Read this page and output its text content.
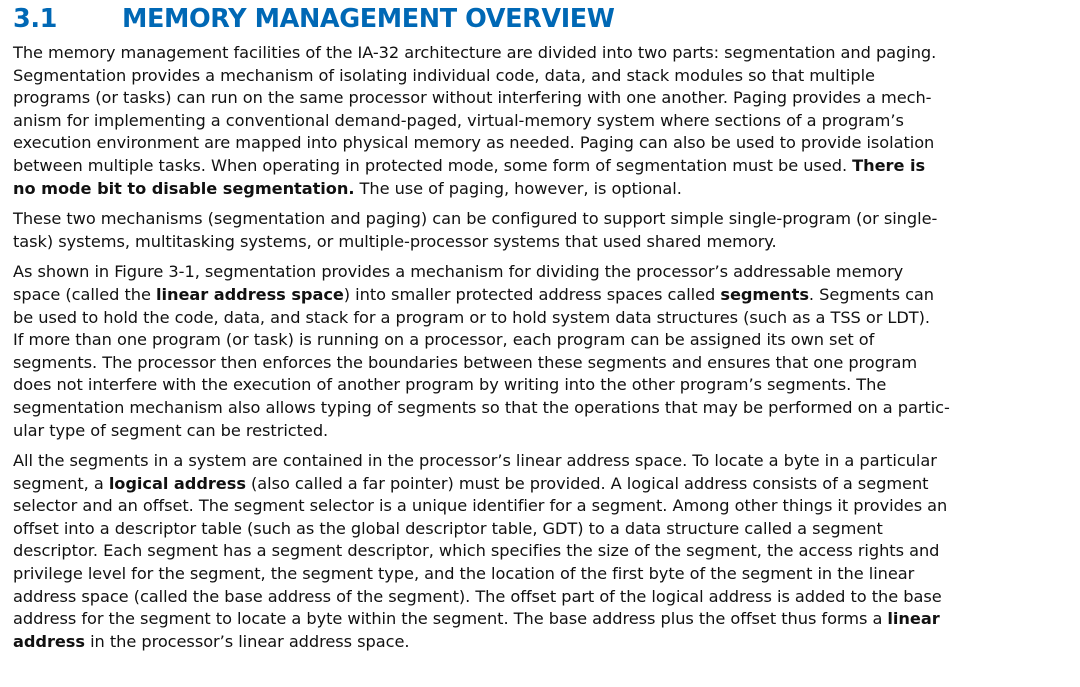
3.1	MEMORY MANAGEMENT OVERVIEW

The memory management facilities of the IA-32 architecture are divided into two parts: segmentation and paging.
Segmentation provides a mechanism of isolating individual code, data, and stack modules so that multiple
programs (or tasks) can run on the same processor without interfering with one another. Paging provides a mech-
anism for implementing a conventional demand-paged, virtual-memory system where sections of a program’s
execution environment are mapped into physical memory as needed. Paging can also be used to provide isolation
between multiple tasks. When operating in protected mode, some form of segmentation must be used. There is
no mode bit to disable segmentation. The use of paging, however, is optional.

These two mechanisms (segmentation and paging) can be configured to support simple single-program (or single-
task) systems, multitasking systems, or multiple-processor systems that used shared memory.

As shown in Figure 3-1, segmentation provides a mechanism for dividing the processor’s addressable memory
space (called the linear address space) into smaller protected address spaces called segments. Segments can
be used to hold the code, data, and stack for a program or to hold system data structures (such as a TSS or LDT).
If more than one program (or task) is running on a processor, each program can be assigned its own set of
segments. The processor then enforces the boundaries between these segments and ensures that one program
does not interfere with the execution of another program by writing into the other program’s segments. The
segmentation mechanism also allows typing of segments so that the operations that may be performed on a partic-
ular type of segment can be restricted.

All the segments in a system are contained in the processor’s linear address space. To locate a byte in a particular
segment, a logical address (also called a far pointer) must be provided. A logical address consists of a segment
selector and an offset. The segment selector is a unique identifier for a segment. Among other things it provides an
offset into a descriptor table (such as the global descriptor table, GDT) to a data structure called a segment
descriptor. Each segment has a segment descriptor, which specifies the size of the segment, the access rights and
privilege level for the segment, the segment type, and the location of the first byte of the segment in the linear
address space (called the base address of the segment). The offset part of the logical address is added to the base
address for the segment to locate a byte within the segment. The base address plus the offset thus forms a linear
address in the processor’s linear address space.
